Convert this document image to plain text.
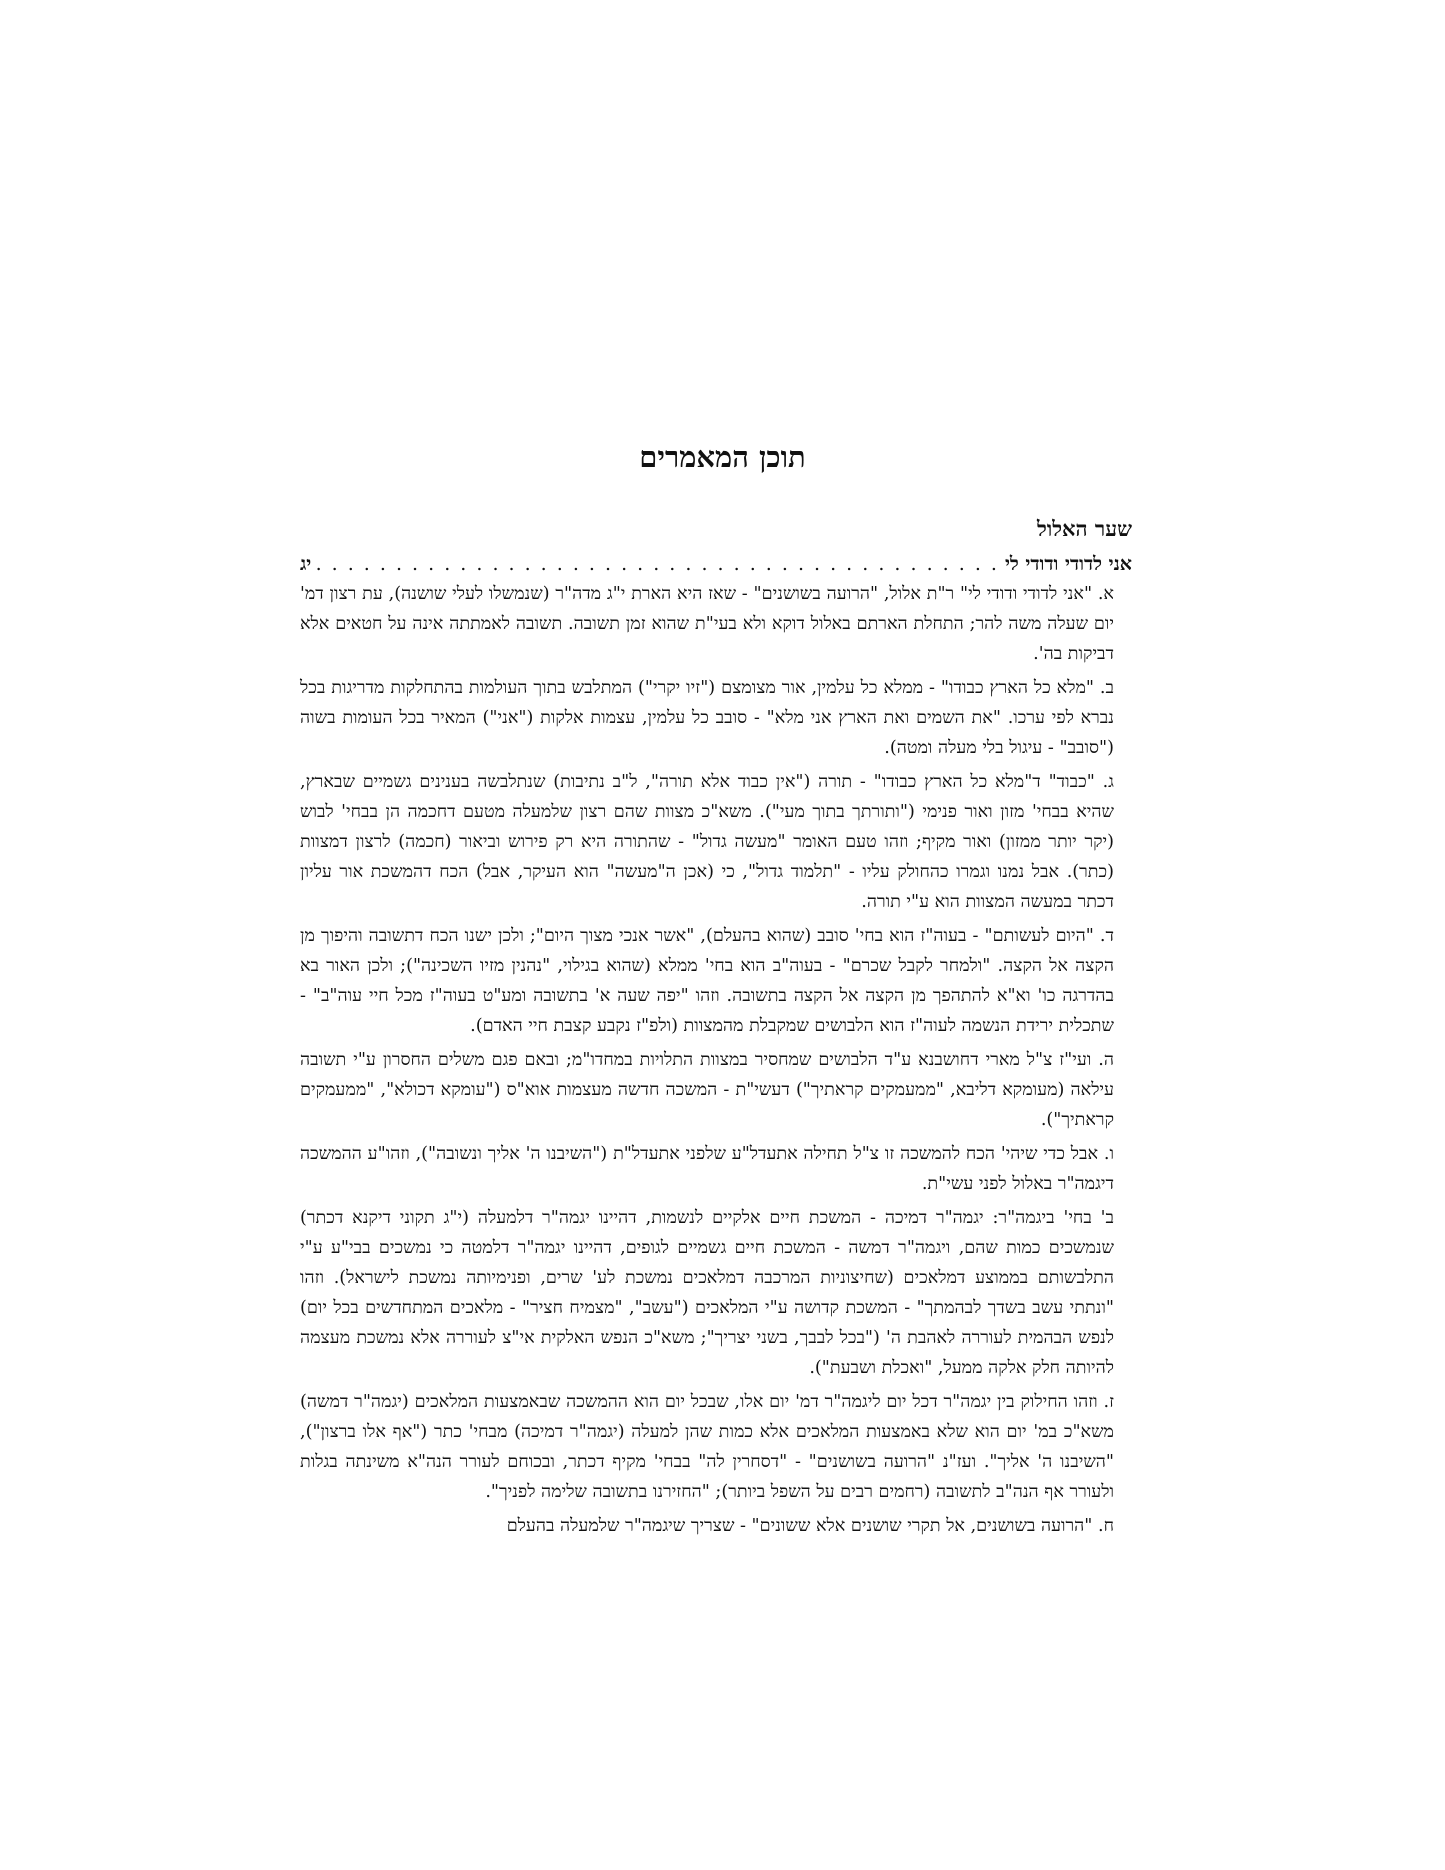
תוכן המאמרים
שער האלול
אני לדודי ודודי לי
. . .
יג

א. "אני לדודי ודודי לי" ר"ת אלול, "הרועה בשושנים" - שאז היא הארת י"ג מדה"ר (שנמשלו לעלי שושנה), עת רצון דמ' יום שעלה משה להר; התחלת הארתם באלול דוקא ולא בעי"ת שהוא זמן תשובה. תשובה לאמתתה אינה על חטאים אלא דביקות בה'.

ב. "מלא כל הארץ כבודו" - ממלא כל עלמין, אור מצומצם ("זיו יקרי") המתלבש בתוך העולמות בהתחלקות מדריגות בכל נברא לפי ערכו. "את השמים ואת הארץ אני מלא" - סובב כל עלמין, עצמות אלקות ("אני") המאיר בכל העומות בשוה ("סובב" - עיגול בלי מעלה ומטה).

ג. "כבוד" ד"מלא כל הארץ כבודו" - תורה ("אין כבוד אלא תורה", ל"ב נתיבות) שנתלבשה בענינים גשמיים שבארץ, שהיא בבחי' מזון ואור פנימי ("ותורתך בתוך מעי"). משא"כ מצוות שהם רצון שלמעלה מטעם דחכמה הן בבחי' לבוש (יקר יותר ממזון) ואור מקיף; וזהו טעם האומר "מעשה גדול" - שהתורה היא רק פירוש וביאור (חכמה) לרצון דמצוות (כתר). אבל נמנו וגמרו כהחולק עליו - "תלמוד גדול", כי (אכן ה"מעשה" הוא העיקר, אבל) הכח דהמשכת אור עליון דכתר במעשה המצוות הוא ע"י תורה.

ד. "היום לעשותם" - בעוה"ז הוא בחי' סובב (שהוא בהעלם), "אשר אנכי מצוך היום"; ולכן ישנו הכח דתשובה והיפוך מן הקצה אל הקצה. "ולמחר לקבל שכרם" - בעוה"ב הוא בחי' ממלא (שהוא בגילוי, "נהנין מזיו השכינה"); ולכן האור בא בהדרגה כו' וא"א להתהפך מן הקצה אל הקצה בתשובה. וזהו "יפה שעה א' בתשובה ומע"ט בעוה"ז מכל חיי עוה"ב" - שתכלית ירידת הנשמה לעוה"ז הוא הלבושים שמקבלת מהמצוות (ולפ"ז נקבע קצבת חיי האדם).

ה. ועי"ז צ"ל מארי דחושבנא ע"ד הלבושים שמחסיר במצוות התלויות במחדו"מ; ובאם פגם משלים החסרון ע"י תשובה עילאה (מעומקא דליבא, "ממעמקים קראתיך") דעשי"ת - המשכה חדשה מעצמות אוא"ס ("עומקא דכולא", "ממעמקים קראתיך").

ו. אבל כדי שיהי' הכח להמשכה זו צ"ל תחילה אתעדל"ע שלפני אתעדל"ת ("השיבנו ה' אליך ונשובה"), וזהו"ע ההמשכה דיגמה"ר באלול לפני עשי"ת.

ב' בחי' ביגמה"ר: יגמה"ר דמיכה - המשכת חיים אלקיים לנשמות, דהיינו יגמה"ר דלמעלה (י"ג תקוני דיקנא דכתר) שנמשכים כמות שהם, ויגמה"ר דמשה - המשכת חיים גשמיים לגופים, דהיינו יגמה"ר דלמטה כי נמשכים בבי"ע ע"י התלבשותם בממוצע דמלאכים (שחיצוניות המרכבה דמלאכים נמשכת לע' שרים, ופנימיותה נמשכת לישראל). וזהו "ונתתי עשב בשדך לבהמתך" - המשכת קדושה ע"י המלאכים ("עשב", "מצמיח חציר" - מלאכים המתחדשים בכל יום) לנפש הבהמית לעוררה לאהבת ה' ("בכל לבבך, בשני יצריך"; משא"כ הנפש האלקית אי"צ לעוררה אלא נמשכת מעצמה להיותה חלק אלקה ממעל, "ואכלת ושבעת").

ז. וזהו החילוק בין יגמה"ר דכל יום ליגמה"ר דמ' יום אלו, שבכל יום הוא ההמשכה שבאמצעות המלאכים (יגמה"ר דמשה) משא"כ במ' יום הוא שלא באמצעות המלאכים אלא כמות שהן למעלה (יגמה"ר דמיכה) מבחי' כתר ("אף אלו ברצון"), "השיבנו ה' אליך". ועז"נ "הרועה בשושנים" - "דסחרין לה" בבחי' מקיף דכתר, ובכוחם לעורר הנה"א משינתה בגלות ולעורר אף הנה"ב לתשובה (רחמים רבים על השפל ביותר); "החזירנו בתשובה שלימה לפניך".

ח. "הרועה בשושנים, אל תקרי שושנים אלא ששונים" - שצריך שיגמה"ר שלמעלה בהעלם
